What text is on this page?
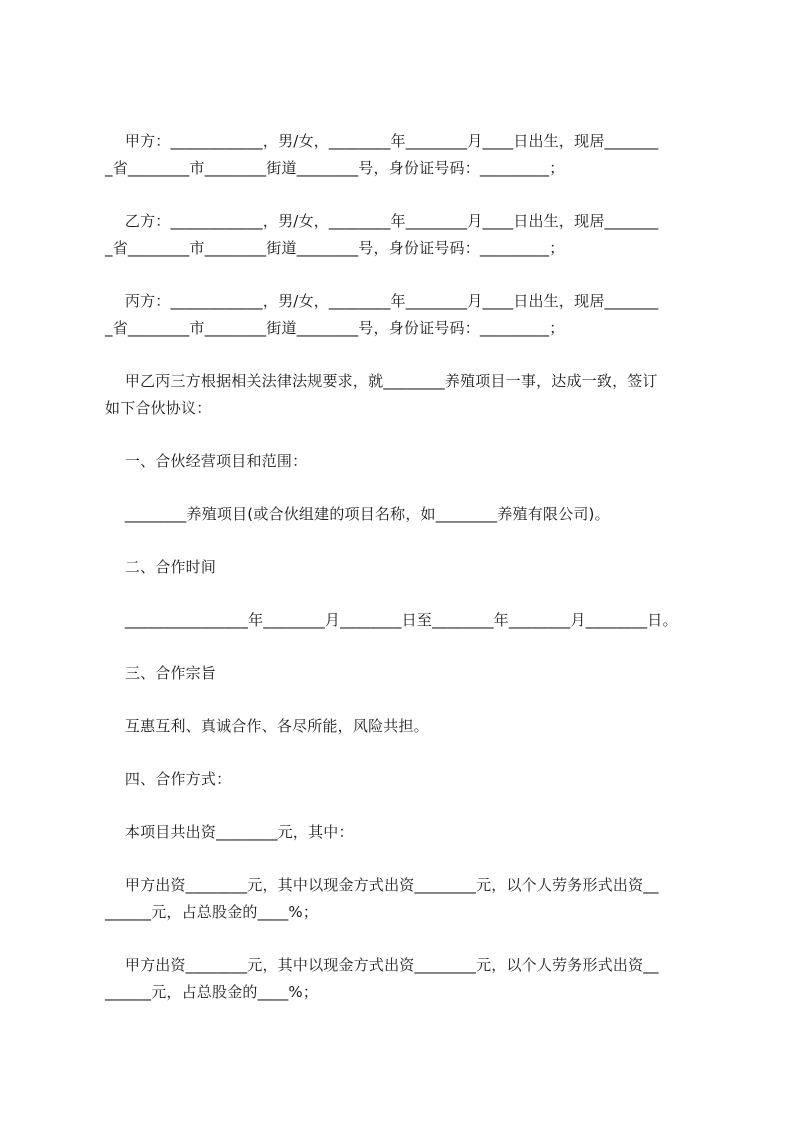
甲方：____________，男/女，________年________月____日出生，现居_______
_省________市________街道________号，身份证号码：_________；
乙方：____________，男/女，________年________月____日出生，现居_______
_省________市________街道________号，身份证号码：_________；
丙方：____________，男/女，________年________月____日出生，现居_______
_省________市________街道________号，身份证号码：_________；
甲乙丙三方根据相关法律法规要求，就________养殖项目一事，达成一致，签订
如下合伙协议：
一、合伙经营项目和范围：
________养殖项目(或合伙组建的项目名称，如________养殖有限公司)。
二、合作时间
________________年________月________日至________年________月________日。
三、合作宗旨
互惠互利、真诚合作、各尽所能，风险共担。
四、合作方式：
本项目共出资________元，其中：
甲方出资________元，其中以现金方式出资________元，以个人劳务形式出资__
______元，占总股金的____%；
甲方出资________元，其中以现金方式出资________元，以个人劳务形式出资__
______元，占总股金的____%；
